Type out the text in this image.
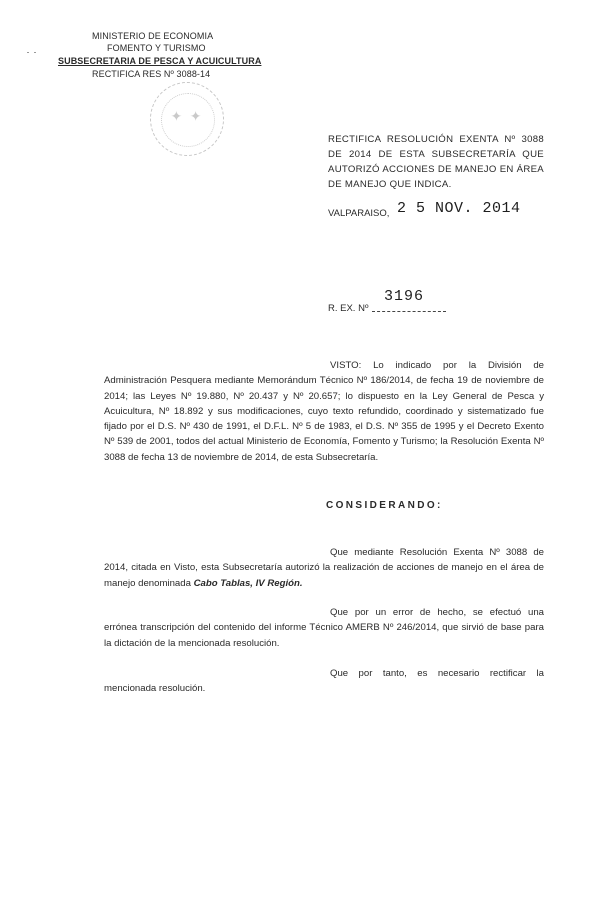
MINISTERIO DE ECONOMIA
FOMENTO Y TURISMO
SUBSECRETARIA DE PESCA Y ACUICULTURA
RECTIFICA RES Nº 3088-14
✦ ✦
RECTIFICA RESOLUCIÓN EXENTA Nº 3088 DE 2014 DE ESTA SUBSECRETARÍA QUE AUTORIZÓ ACCIONES DE MANEJO EN ÁREA DE MANEJO QUE INDICA.
VALPARAISO, 2 5 NOV. 2014
R. EX. Nº
3196
VISTO: Lo indicado por la División de Administración Pesquera mediante Memorándum Técnico Nº 186/2014, de fecha 19 de noviembre de 2014; las Leyes Nº 19.880, Nº 20.437 y Nº 20.657; lo dispuesto en la Ley General de Pesca y Acuicultura, Nº 18.892 y sus modificaciones, cuyo texto refundido, coordinado y sistematizado fue fijado por el D.S. Nº 430 de 1991, el D.F.L. Nº 5 de 1983, el D.S. Nº 355 de 1995 y el Decreto Exento Nº 539 de 2001, todos del actual Ministerio de Economía, Fomento y Turismo; la Resolución Exenta Nº 3088 de fecha 13 de noviembre de 2014, de esta Subsecretaría.
CONSIDERANDO:
Que mediante Resolución Exenta Nº 3088 de 2014, citada en Visto, esta Subsecretaría autorizó la realización de acciones de manejo en el área de manejo denominada Cabo Tablas, IV Región.
Que por un error de hecho, se efectuó una errónea transcripción del contenido del informe Técnico AMERB Nº 246/2014, que sirvió de base para la dictación de la mencionada resolución.
Que por tanto, es necesario rectificar la mencionada resolución.
